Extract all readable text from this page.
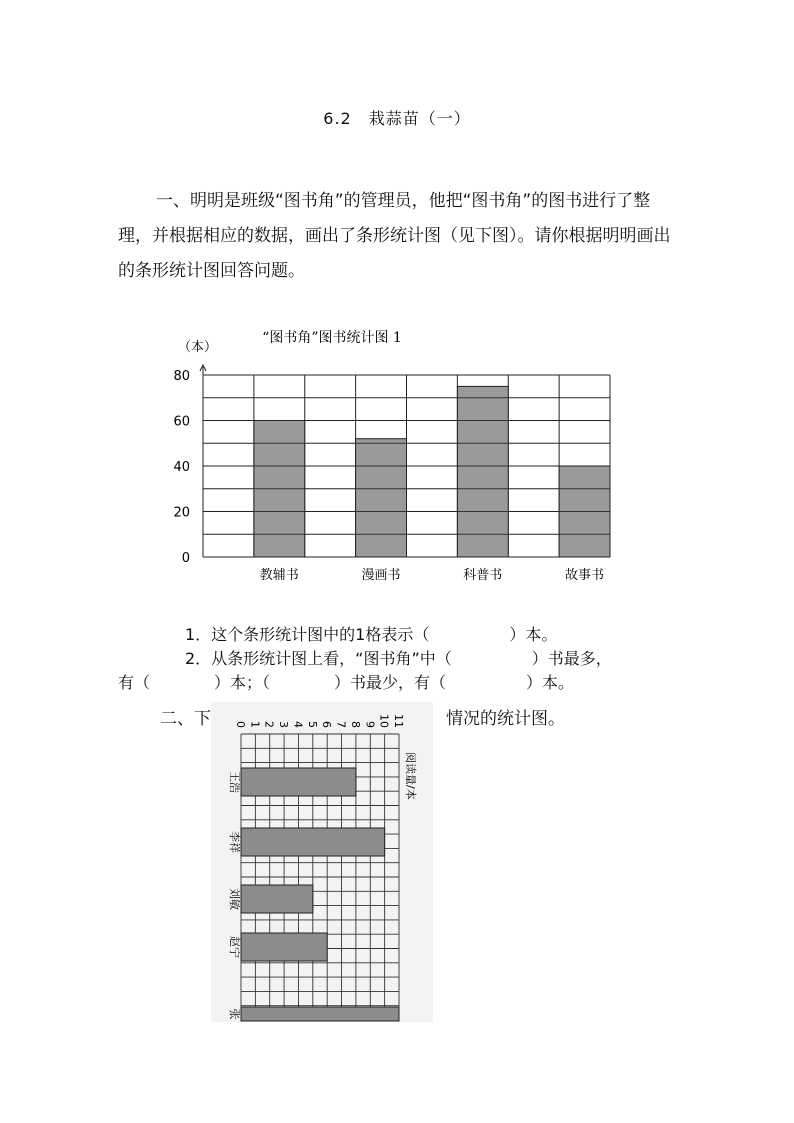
6.2　栽蒜苗（一）
一、明明是班级“图书角”的管理员，他把“图书角”的图书进行了整理，并根据相应的数据，画出了条形统计图（见下图）。请你根据明明画出的条形统计图回答问题。
“图书角”图书统计图 1
（本）
0
20
40
60
80
教辅书	漫画书	科普书	故事书
1．这个条形统计图中的1格表示（　　　　　）本。
2．从条形统计图上看，“图书角”中（　　　　　）书最多，
有（　　　　）本；（　　　　）书最少，有（　　　　　）本。
二、下	情况的统计图。
0 1 2 3 4 5 6 7 8 9 10 11
王浩
李祥
刘敏
赵宁
张
阅读量/本
